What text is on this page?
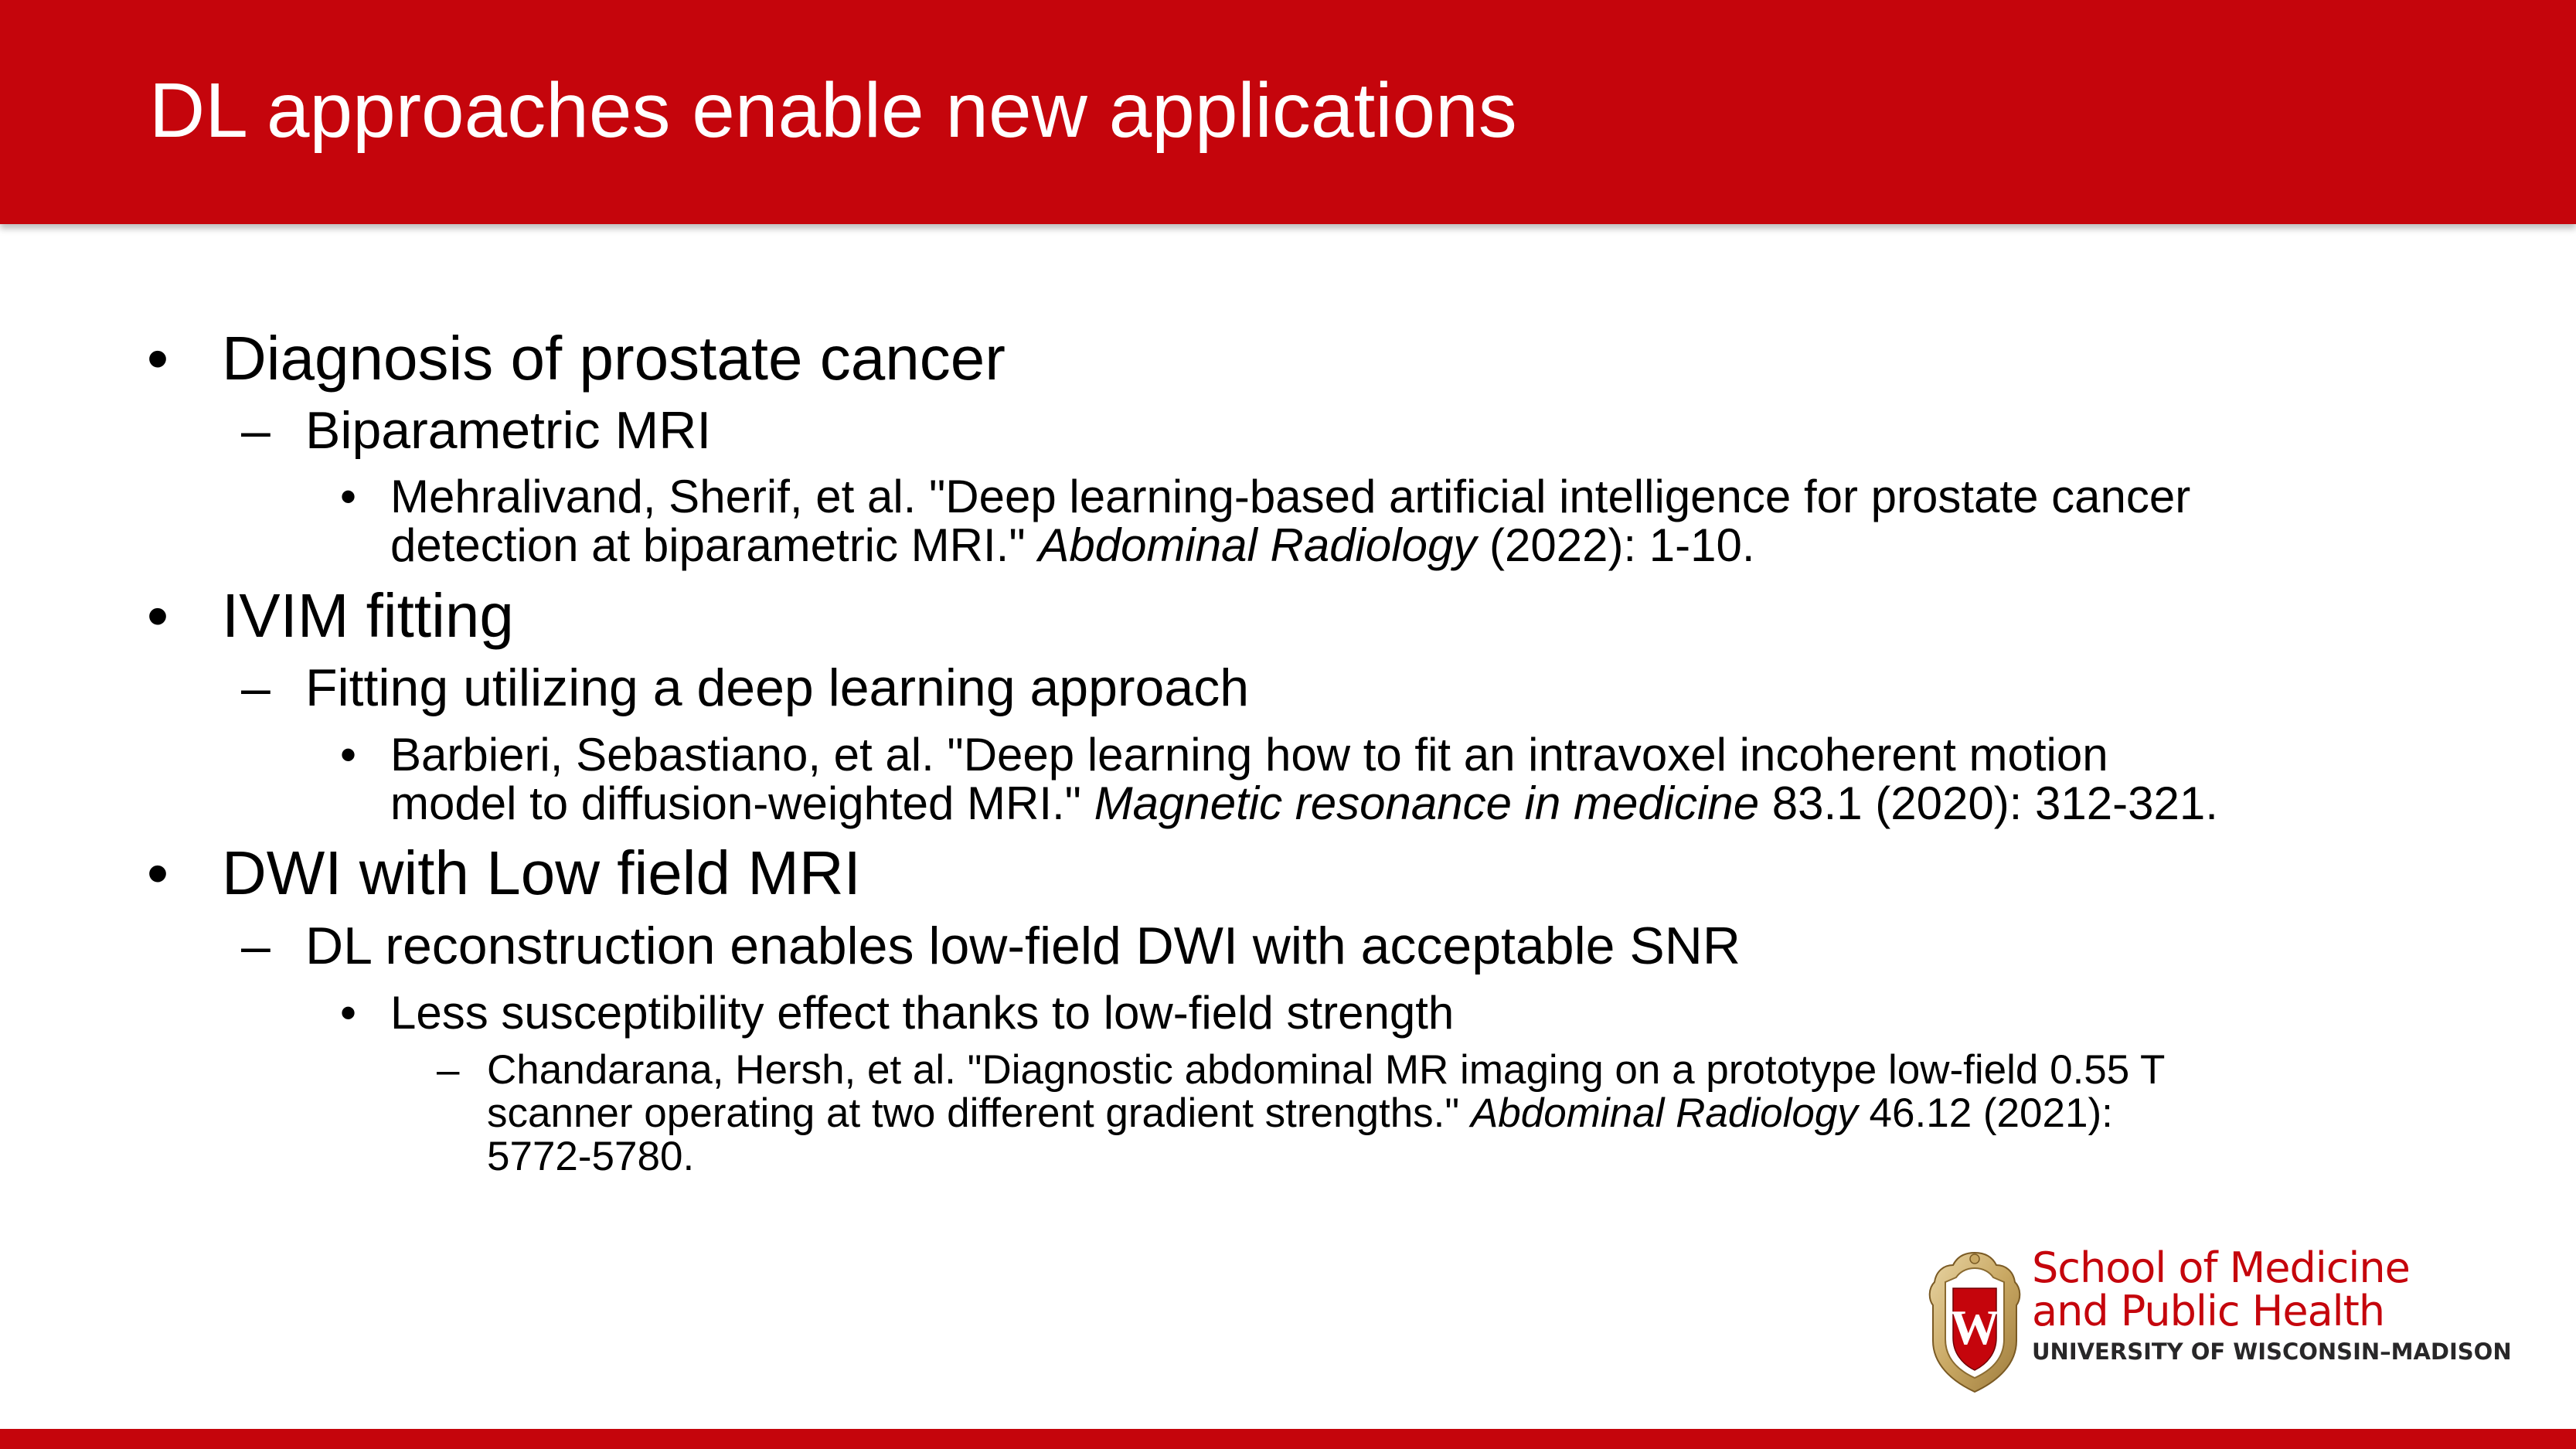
DL approaches enable new applications
• Diagnosis of prostate cancer
– Biparametric MRI
• Mehralivand, Sherif, et al. "Deep learning-based artificial intelligence for prostate cancer
detection at biparametric MRI." Abdominal Radiology (2022): 1-10.
• IVIM fitting
– Fitting utilizing a deep learning approach
• Barbieri, Sebastiano, et al. "Deep learning how to fit an intravoxel incoherent motion
model to diffusion-weighted MRI." Magnetic resonance in medicine 83.1 (2020): 312-321.
• DWI with Low field MRI
– DL reconstruction enables low-field DWI with acceptable SNR
• Less susceptibility effect thanks to low-field strength
– Chandarana, Hersh, et al. "Diagnostic abdominal MR imaging on a prototype low-field 0.55 T
scanner operating at two different gradient strengths." Abdominal Radiology 46.12 (2021):
5772-5780.
W
School of Medicine
and Public Health
UNIVERSITY OF WISCONSIN–MADISON
